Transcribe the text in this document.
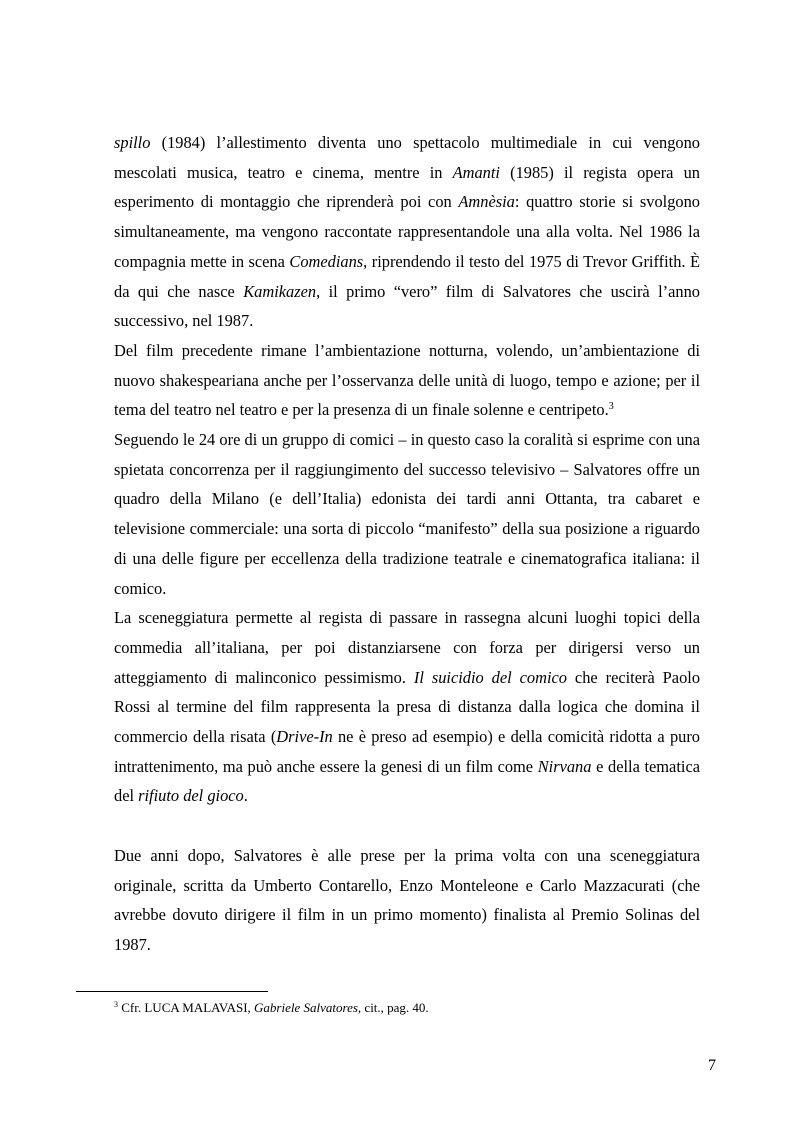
spillo (1984) l’allestimento diventa uno spettacolo multimediale in cui vengono mescolati musica, teatro e cinema, mentre in Amanti (1985) il regista opera un esperimento di montaggio che riprenderà poi con Amnèsia: quattro storie si svolgono simultaneamente, ma vengono raccontate rappresentandole una alla volta. Nel 1986 la compagnia mette in scena Comedians, riprendendo il testo del 1975 di Trevor Griffith. È da qui che nasce Kamikazen, il primo “vero” film di Salvatores che uscirà l’anno successivo, nel 1987.

Del film precedente rimane l’ambientazione notturna, volendo, un’ambientazione di nuovo shakespeariana anche per l’osservanza delle unità di luogo, tempo e azione; per il tema del teatro nel teatro e per la presenza di un finale solenne e centripeto.$^3$

Seguendo le 24 ore di un gruppo di comici – in questo caso la coralità si esprime con una spietata concorrenza per il raggiungimento del successo televisivo – Salvatores offre un quadro della Milano (e dell’Italia) edonista dei tardi anni Ottanta, tra cabaret e televisione commerciale: una sorta di piccolo “manifesto” della sua posizione a riguardo di una delle figure per eccellenza della tradizione teatrale e cinematografica italiana: il comico.

La sceneggiatura permette al regista di passare in rassegna alcuni luoghi topici della commedia all’italiana, per poi distanziarsene con forza per dirigersi verso un atteggiamento di malinconico pessimismo. Il suicidio del comico che reciterà Paolo Rossi al termine del film rappresenta la presa di distanza dalla logica che domina il commercio della risata (Drive-In ne è preso ad esempio) e della comicità ridotta a puro intrattenimento, ma può anche essere la genesi di un film come Nirvana e della tematica del rifiuto del gioco.

Due anni dopo, Salvatores è alle prese per la prima volta con una sceneggiatura originale, scritta da Umberto Contarello, Enzo Monteleone e Carlo Mazzacurati (che avrebbe dovuto dirigere il film in un primo momento) finalista al Premio Solinas del 1987.

$^3$ Cfr. LUCA MALAVASI, Gabriele Salvatores, cit., pag. 40.
7
